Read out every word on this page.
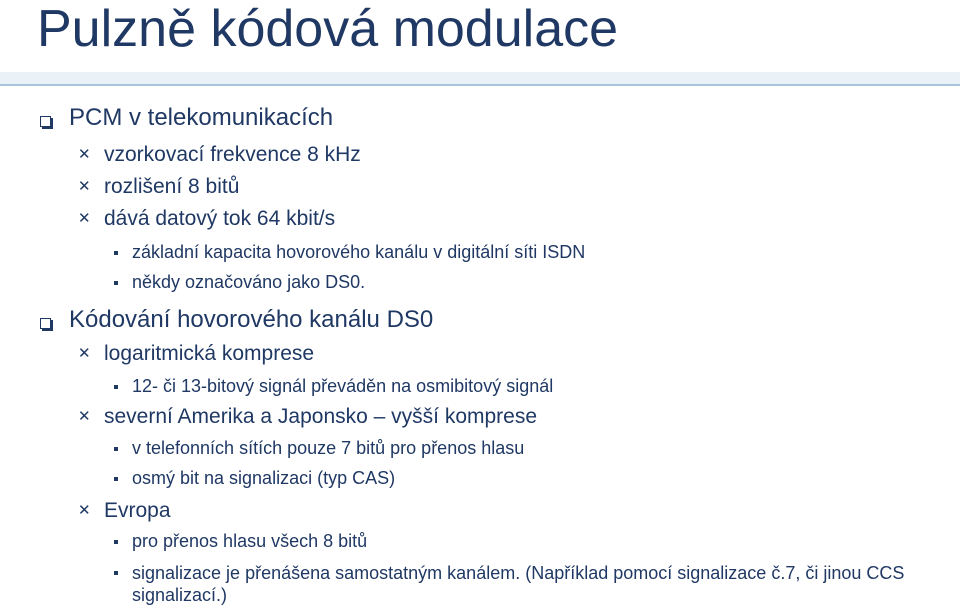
Pulzně kódová modulace
PCM v telekomunikacích
✕ vzorkovací frekvence 8 kHz
✕ rozlišení 8 bitů
✕ dává datový tok 64 kbit/s
základní kapacita hovorového kanálu v digitální síti ISDN
někdy označováno jako DS0.
Kódování hovorového kanálu DS0
✕ logaritmická komprese
12- či 13-bitový signál převáděn na osmibitový signál
✕ severní Amerika a Japonsko – vyšší komprese
v telefonních sítích pouze 7 bitů pro přenos hlasu
osmý bit na signalizaci (typ CAS)
✕ Evropa
pro přenos hlasu všech 8 bitů
signalizace je přenášena samostatným kanálem. (Například pomocí signalizace č.7, či jinou CCS signalizací.)
